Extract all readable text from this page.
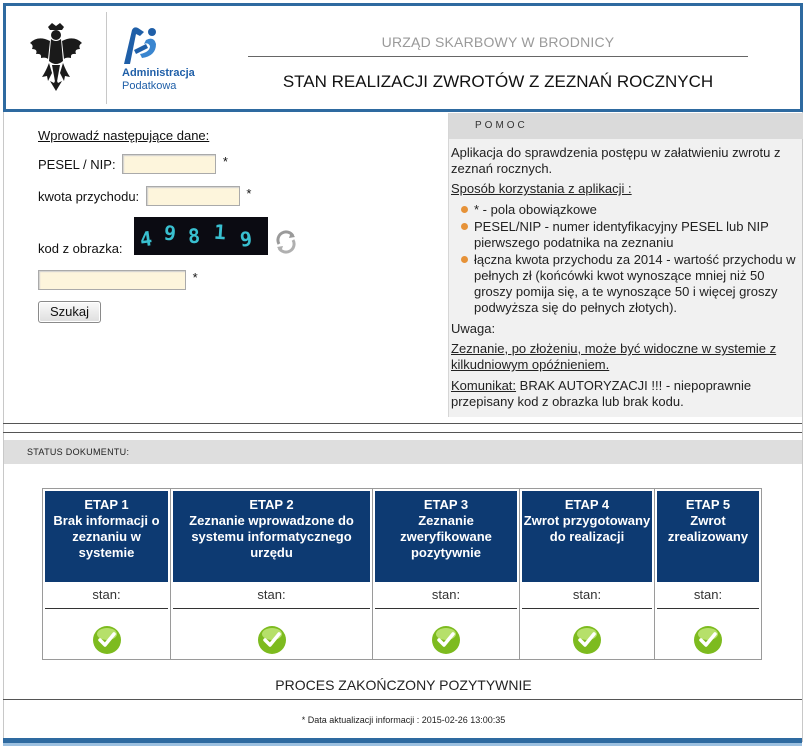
Administracja
Podatkowa
URZĄD SKARBOWY W BRODNICY
STAN REALIZACJI ZWROTÓW Z ZEZNAŃ ROCZNYCH
Wprowadź następujące dane:
PESEL / NIP:	*
kwota przychodu:	*
kod z obrazka: 4 9 8 1 9
*
Szukaj
POMOC

Aplikacja do sprawdzenia postępu w załatwieniu zwrotu z zeznań rocznych.

Sposób korzystania z aplikacji :

* - pola obowiązkowe
PESEL/NIP - numer identyfikacyjny PESEL lub NIP pierwszego podatnika na zeznaniu
łączna kwota przychodu za 2014 - wartość przychodu w pełnych zł (końcówki kwot wynoszące mniej niż 50 groszy pomija się, a te wynoszące 50 i więcej groszy podwyższa się do pełnych złotych).

Uwaga:

Zeznanie, po złożeniu, może być widoczne w systemie z kilkudniowym opóźnieniem.

Komunikat: BRAK AUTORYZACJI !!! - niepoprawnie przepisany kod z obrazka lub brak kodu.

STATUS DOKUMENTU:
ETAP 1
Brak informacji o zeznaniu w systemie
stan:
ETAP 2
Zeznanie wprowadzone do systemu informatycznego urzędu
stan:
ETAP 3
Zeznanie zweryfikowane pozytywnie
stan:
ETAP 4
Zwrot przygotowany do realizacji
stan:
ETAP 5
Zwrot zrealizowany
stan:
PROCES ZAKOŃCZONY POZYTYWNIE
* Data aktualizacji informacji : 2015-02-26 13:00:35
